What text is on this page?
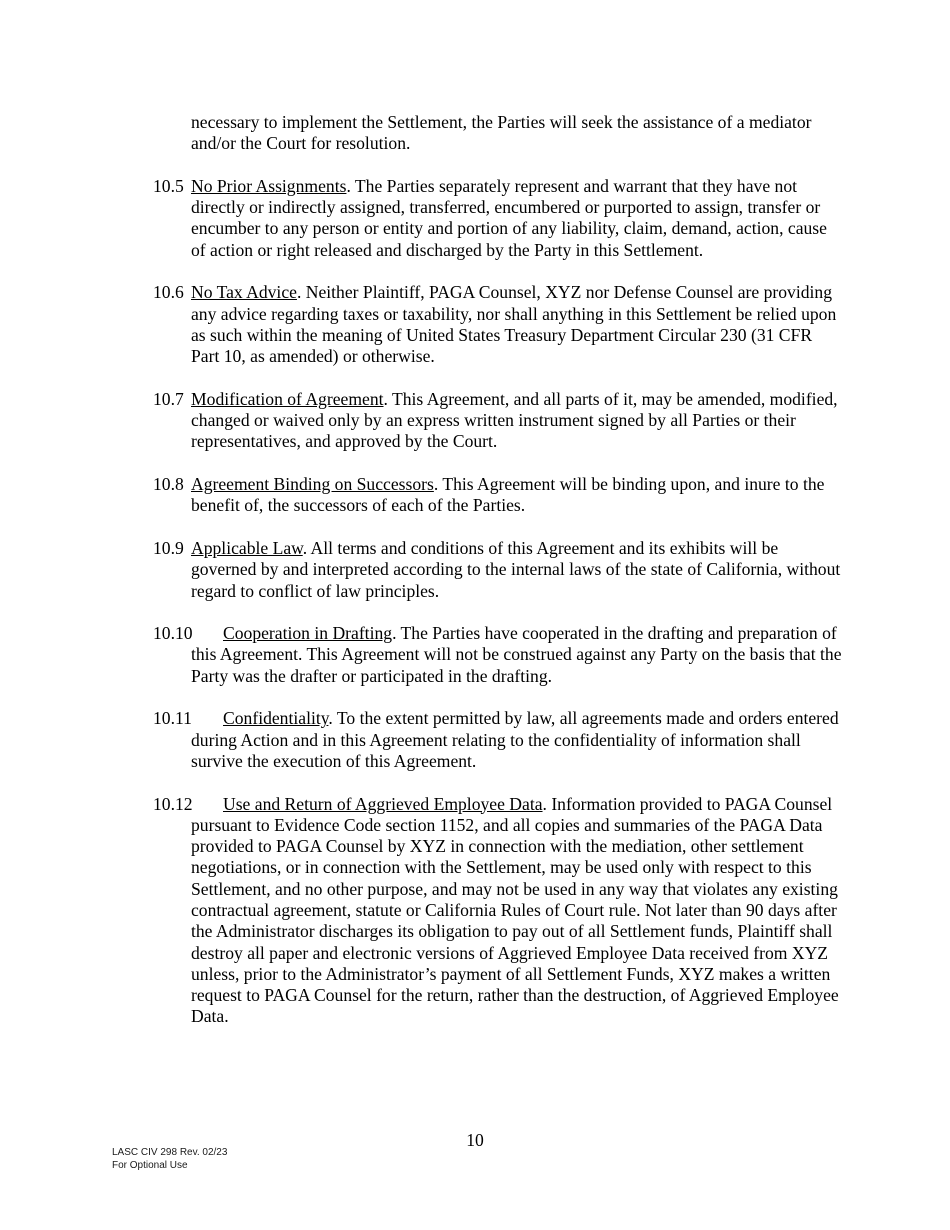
necessary to implement the Settlement, the Parties will seek the assistance of a mediator and/or the Court for resolution.

10.5 No Prior Assignments. The Parties separately represent and warrant that they have not directly or indirectly assigned, transferred, encumbered or purported to assign, transfer or encumber to any person or entity and portion of any liability, claim, demand, action, cause of action or right released and discharged by the Party in this Settlement.

10.6 No Tax Advice. Neither Plaintiff, PAGA Counsel, XYZ nor Defense Counsel are providing any advice regarding taxes or taxability, nor shall anything in this Settlement be relied upon as such within the meaning of United States Treasury Department Circular 230 (31 CFR Part 10, as amended) or otherwise.

10.7 Modification of Agreement. This Agreement, and all parts of it, may be amended, modified, changed or waived only by an express written instrument signed by all Parties or their representatives, and approved by the Court.

10.8 Agreement Binding on Successors. This Agreement will be binding upon, and inure to the benefit of, the successors of each of the Parties.

10.9 Applicable Law. All terms and conditions of this Agreement and its exhibits will be governed by and interpreted according to the internal laws of the state of California, without regard to conflict of law principles.

10.10 Cooperation in Drafting. The Parties have cooperated in the drafting and preparation of this Agreement. This Agreement will not be construed against any Party on the basis that the Party was the drafter or participated in the drafting.

10.11 Confidentiality. To the extent permitted by law, all agreements made and orders entered during Action and in this Agreement relating to the confidentiality of information shall survive the execution of this Agreement.

10.12 Use and Return of Aggrieved Employee Data. Information provided to PAGA Counsel pursuant to Evidence Code section 1152, and all copies and summaries of the PAGA Data provided to PAGA Counsel by XYZ in connection with the mediation, other settlement negotiations, or in connection with the Settlement, may be used only with respect to this Settlement, and no other purpose, and may not be used in any way that violates any existing contractual agreement, statute or California Rules of Court rule. Not later than 90 days after the Administrator discharges its obligation to pay out of all Settlement funds, Plaintiff shall destroy all paper and electronic versions of Aggrieved Employee Data received from XYZ unless, prior to the Administrator’s payment of all Settlement Funds, XYZ makes a written request to PAGA Counsel for the return, rather than the destruction, of Aggrieved Employee Data.

10
LASC CIV 298 Rev. 02/23
For Optional Use
